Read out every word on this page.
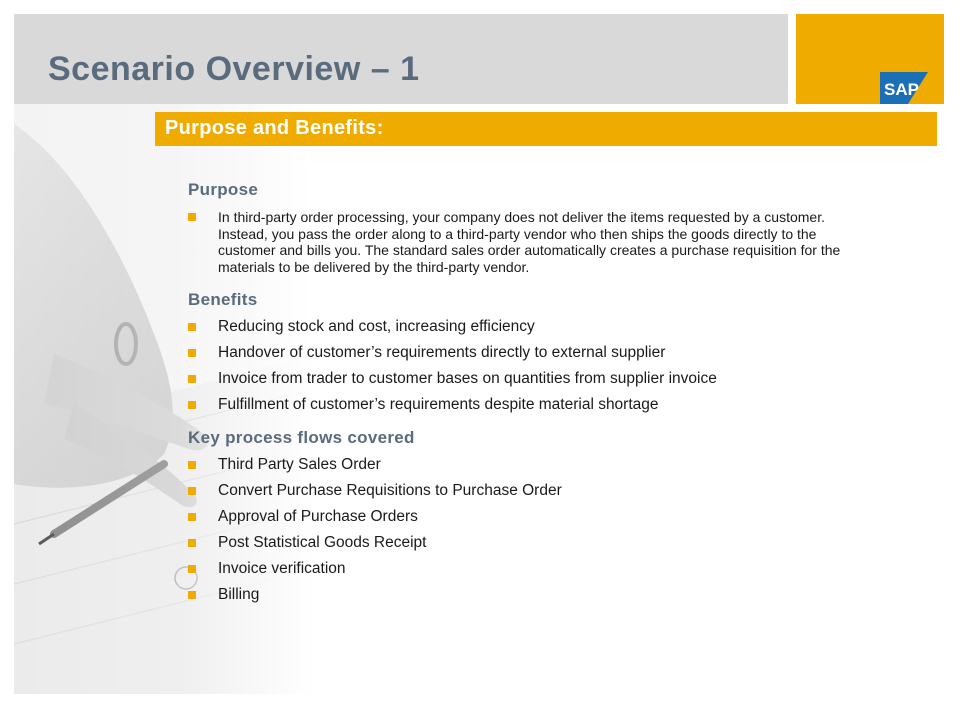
Scenario Overview – 1
SAP
Purpose and Benefits:
Purpose
In third-party order processing, your company does not deliver the items requested by a customer. Instead, you pass the order along to a third-party vendor who then ships the goods directly to the customer and bills you. The standard sales order automatically creates a purchase requisition for the materials to be delivered by the third-party vendor.
Benefits
Reducing stock and cost, increasing efficiency
Handover of customer’s requirements directly to external supplier
Invoice from trader to customer bases on quantities from supplier invoice
Fulfillment of customer’s requirements despite material shortage
Key process flows covered
Third Party Sales Order
Convert Purchase Requisitions to Purchase Order
Approval of Purchase Orders
Post Statistical Goods Receipt
Invoice verification
Billing
